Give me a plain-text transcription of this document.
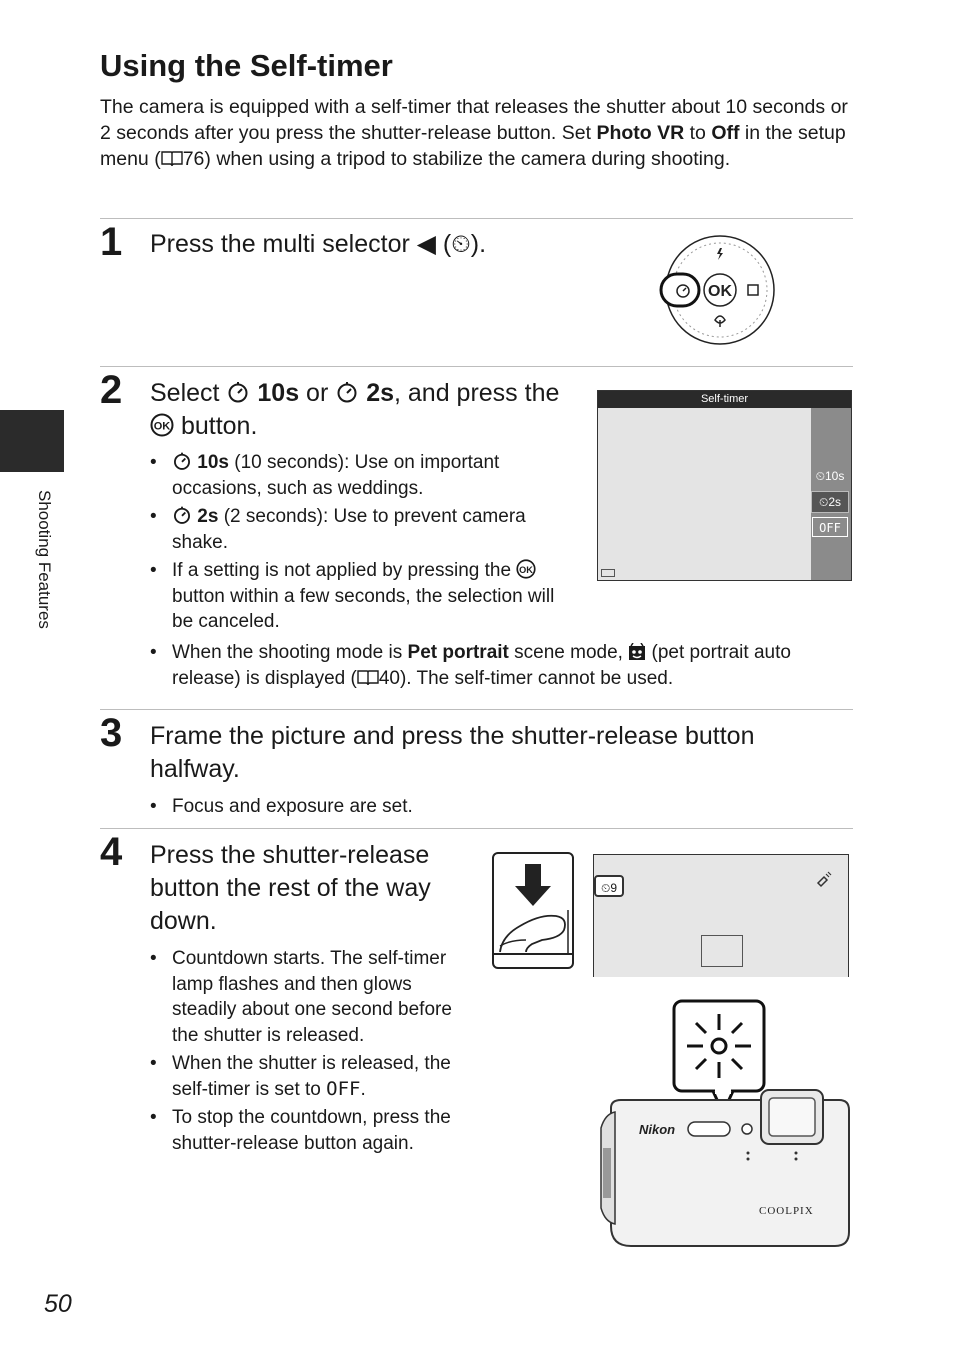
Using the Self-timer
The camera is equipped with a self-timer that releases the shutter about 10 seconds or 2 seconds after you press the shutter-release button. Set Photo VR to Off in the setup menu ( 76) when using a tripod to stabilize the camera during shooting.
Shooting Features
1 Press the multi selector ◀ (⏲).
OK
2 Select  10s or  2s, and press the
OK button.
• 10s (10 seconds): Use on important occasions, such as weddings.
• 2s (2 seconds): Use to prevent camera shake.
• If a setting is not applied by pressing the OK
button within a few seconds, the selection will be canceled.
• When the shooting mode is Pet portrait scene mode,  (pet portrait auto release) is displayed ( 40). The self-timer cannot be used.
Self-timer
⏲10s
⏲2s
OFF
3 Frame the picture and press the shutter-release button halfway.
• Focus and exposure are set.
4 Press the shutter-release button the rest of the way down.
• Countdown starts. The self-timer lamp flashes and then glows steadily about one second before the shutter is released.
• When the shutter is released, the self-timer is set to OFF.
• To stop the countdown, press the shutter-release button again.
⏲9
Nikon
COOLPIX
50
